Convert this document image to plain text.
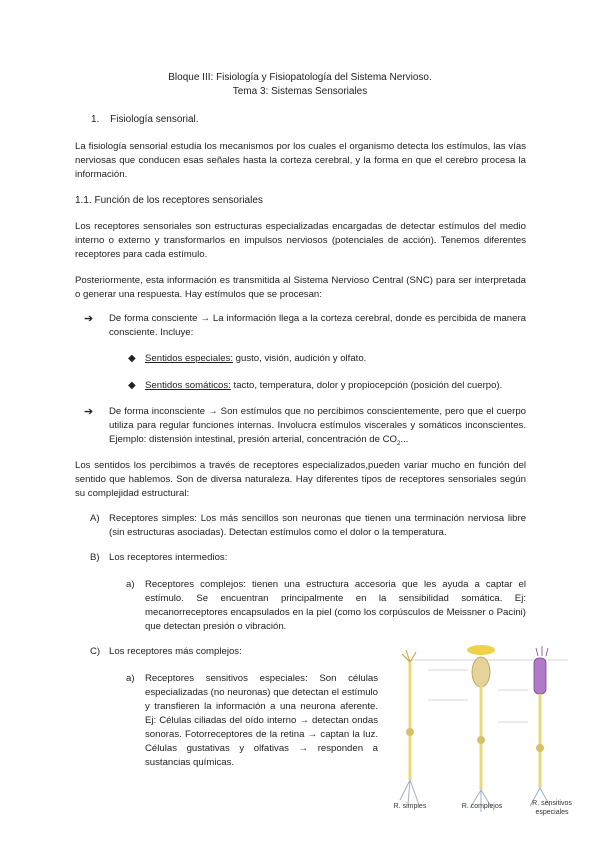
Bloque III: Fisiología y Fisiopatología del Sistema Nervioso.
Tema 3: Sistemas Sensoriales
1. Fisiología sensorial.
La fisiología sensorial estudia los mecanismos por los cuales el organismo detecta los estímulos, las vías nerviosas que conducen esas señales hasta la corteza cerebral, y la forma en que el cerebro procesa la información.
1.1. Función de los receptores sensoriales
Los receptores sensoriales son estructuras especializadas encargadas de detectar estímulos del medio interno o externo y transformarlos en impulsos nerviosos (potenciales de acción). Tenemos diferentes receptores para cada estímulo.
Posteriormente, esta información es transmitida al Sistema Nervioso Central (SNC) para ser interpretada o generar una respuesta. Hay estímulos que se procesan:
➔ De forma consciente → La información llega a la corteza cerebral, donde es percibida de manera consciente. Incluye:
◆ Sentidos especiales: gusto, visión, audición y olfato.
◆ Sentidos somáticos: tacto, temperatura, dolor y propiocepción (posición del cuerpo).
➔ De forma inconsciente → Son estímulos que no percibimos conscientemente, pero que el cuerpo utiliza para regular funciones internas. Involucra estímulos viscerales y somáticos inconscientes. Ejemplo: distensión intestinal, presión arterial, concentración de $CO_2$...
Los sentidos los percibimos a través de receptores especializados,pueden variar mucho en función del sentido que hablemos. Son de diversa naturaleza. Hay diferentes tipos de receptores sensoriales según su complejidad estructural:
A) Receptores simples: Los más sencillos son neuronas que tienen una terminación nerviosa libre (sin estructuras asociadas). Detectan estímulos como el dolor o la temperatura.
B) Los receptores intermedios:
a) Receptores complejos: tienen una estructura accesoria que les ayuda a captar el estímulo. Se encuentran principalmente en la sensibilidad somática. Ej: mecanorreceptores encapsulados en la piel (como los corpúsculos de Meissner o Pacini) que detectan presión o vibración.
C) Los receptores más complejos:
a) Receptores sensitivos especiales: Son células especializadas (no neuronas) que detectan el estímulo y transfieren la información a una neurona aferente. Ej: Células ciliadas del oído interno → detectan ondas sonoras. Fotorreceptores de la retina → captan la luz. Células gustativas y olfativas → responden a sustancias químicas.
R. simples	R. complejos	R. sensitivos
especiales
